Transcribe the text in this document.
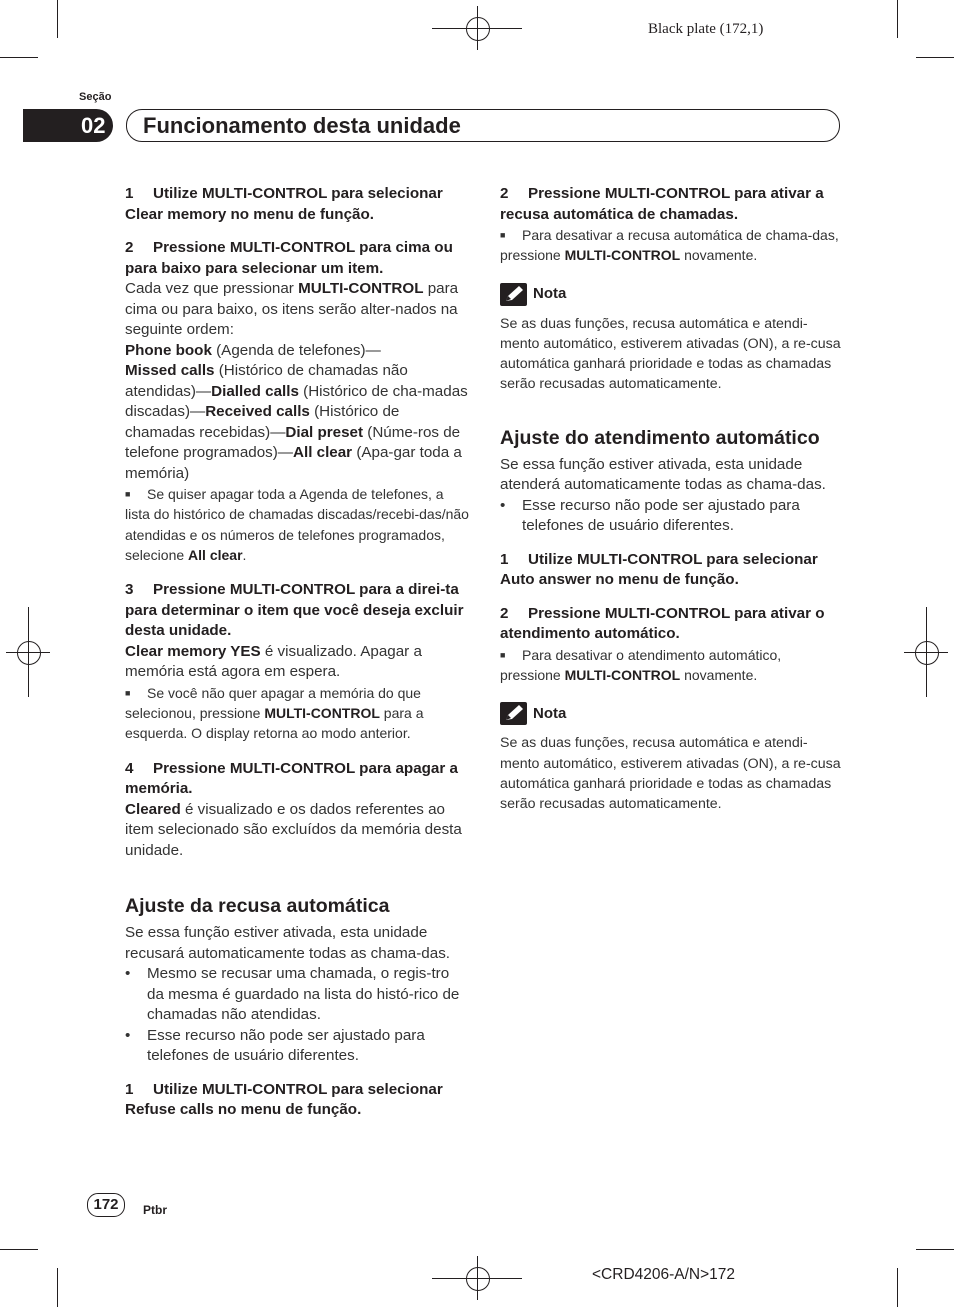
Black plate (172,1)
Seção
02	Funcionamento desta unidade

1 Utilize MULTI-CONTROL para selecionar Clear memory no menu de função.

2 Pressione MULTI-CONTROL para cima ou para baixo para selecionar um item.

Cada vez que pressionar MULTI-CONTROL para cima ou para baixo, os itens serão alter-nados na seguinte ordem:

Phone book (Agenda de telefones)—
Missed calls (Histórico de chamadas não atendidas)—Dialled calls (Histórico de cha-madas discadas)—Received calls (Histórico de chamadas recebidas)—Dial preset (Núme-ros de telefone programados)—All clear (Apa-gar toda a memória)

■ Se quiser apagar toda a Agenda de telefones, a lista do histórico de chamadas discadas/recebi-das/não atendidas e os números de telefones programados, selecione All clear.

3 Pressione MULTI-CONTROL para a direi-ta para determinar o item que você deseja excluir desta unidade.

Clear memory YES é visualizado. Apagar a memória está agora em espera.

■ Se você não quer apagar a memória do que selecionou, pressione MULTI-CONTROL para a esquerda. O display retorna ao modo anterior.

4 Pressione MULTI-CONTROL para apagar a memória.

Cleared é visualizado e os dados referentes ao item selecionado são excluídos da memória desta unidade.

Ajuste da recusa automática

Se essa função estiver ativada, esta unidade recusará automaticamente todas as chama-das.

• Mesmo se recusar uma chamada, o regis-tro da mesma é guardado na lista do histó-rico de chamadas não atendidas.

• Esse recurso não pode ser ajustado para telefones de usuário diferentes.

1 Utilize MULTI-CONTROL para selecionar Refuse calls no menu de função.

2 Pressione MULTI-CONTROL para ativar a recusa automática de chamadas.

■ Para desativar a recusa automática de chama-das, pressione MULTI-CONTROL novamente.

Nota

Se as duas funções, recusa automática e atendi-mento automático, estiverem ativadas (ON), a re-cusa automática ganhará prioridade e todas as chamadas serão recusadas automaticamente.

Ajuste do atendimento automático

Se essa função estiver ativada, esta unidade atenderá automaticamente todas as chama-das.

• Esse recurso não pode ser ajustado para telefones de usuário diferentes.

1 Utilize MULTI-CONTROL para selecionar Auto answer no menu de função.

2 Pressione MULTI-CONTROL para ativar o atendimento automático.

■ Para desativar o atendimento automático, pressione MULTI-CONTROL novamente.

Nota

Se as duas funções, recusa automática e atendi-mento automático, estiverem ativadas (ON), a re-cusa automática ganhará prioridade e todas as chamadas serão recusadas automaticamente.

172	Ptbr
<CRD4206-A/N>172
